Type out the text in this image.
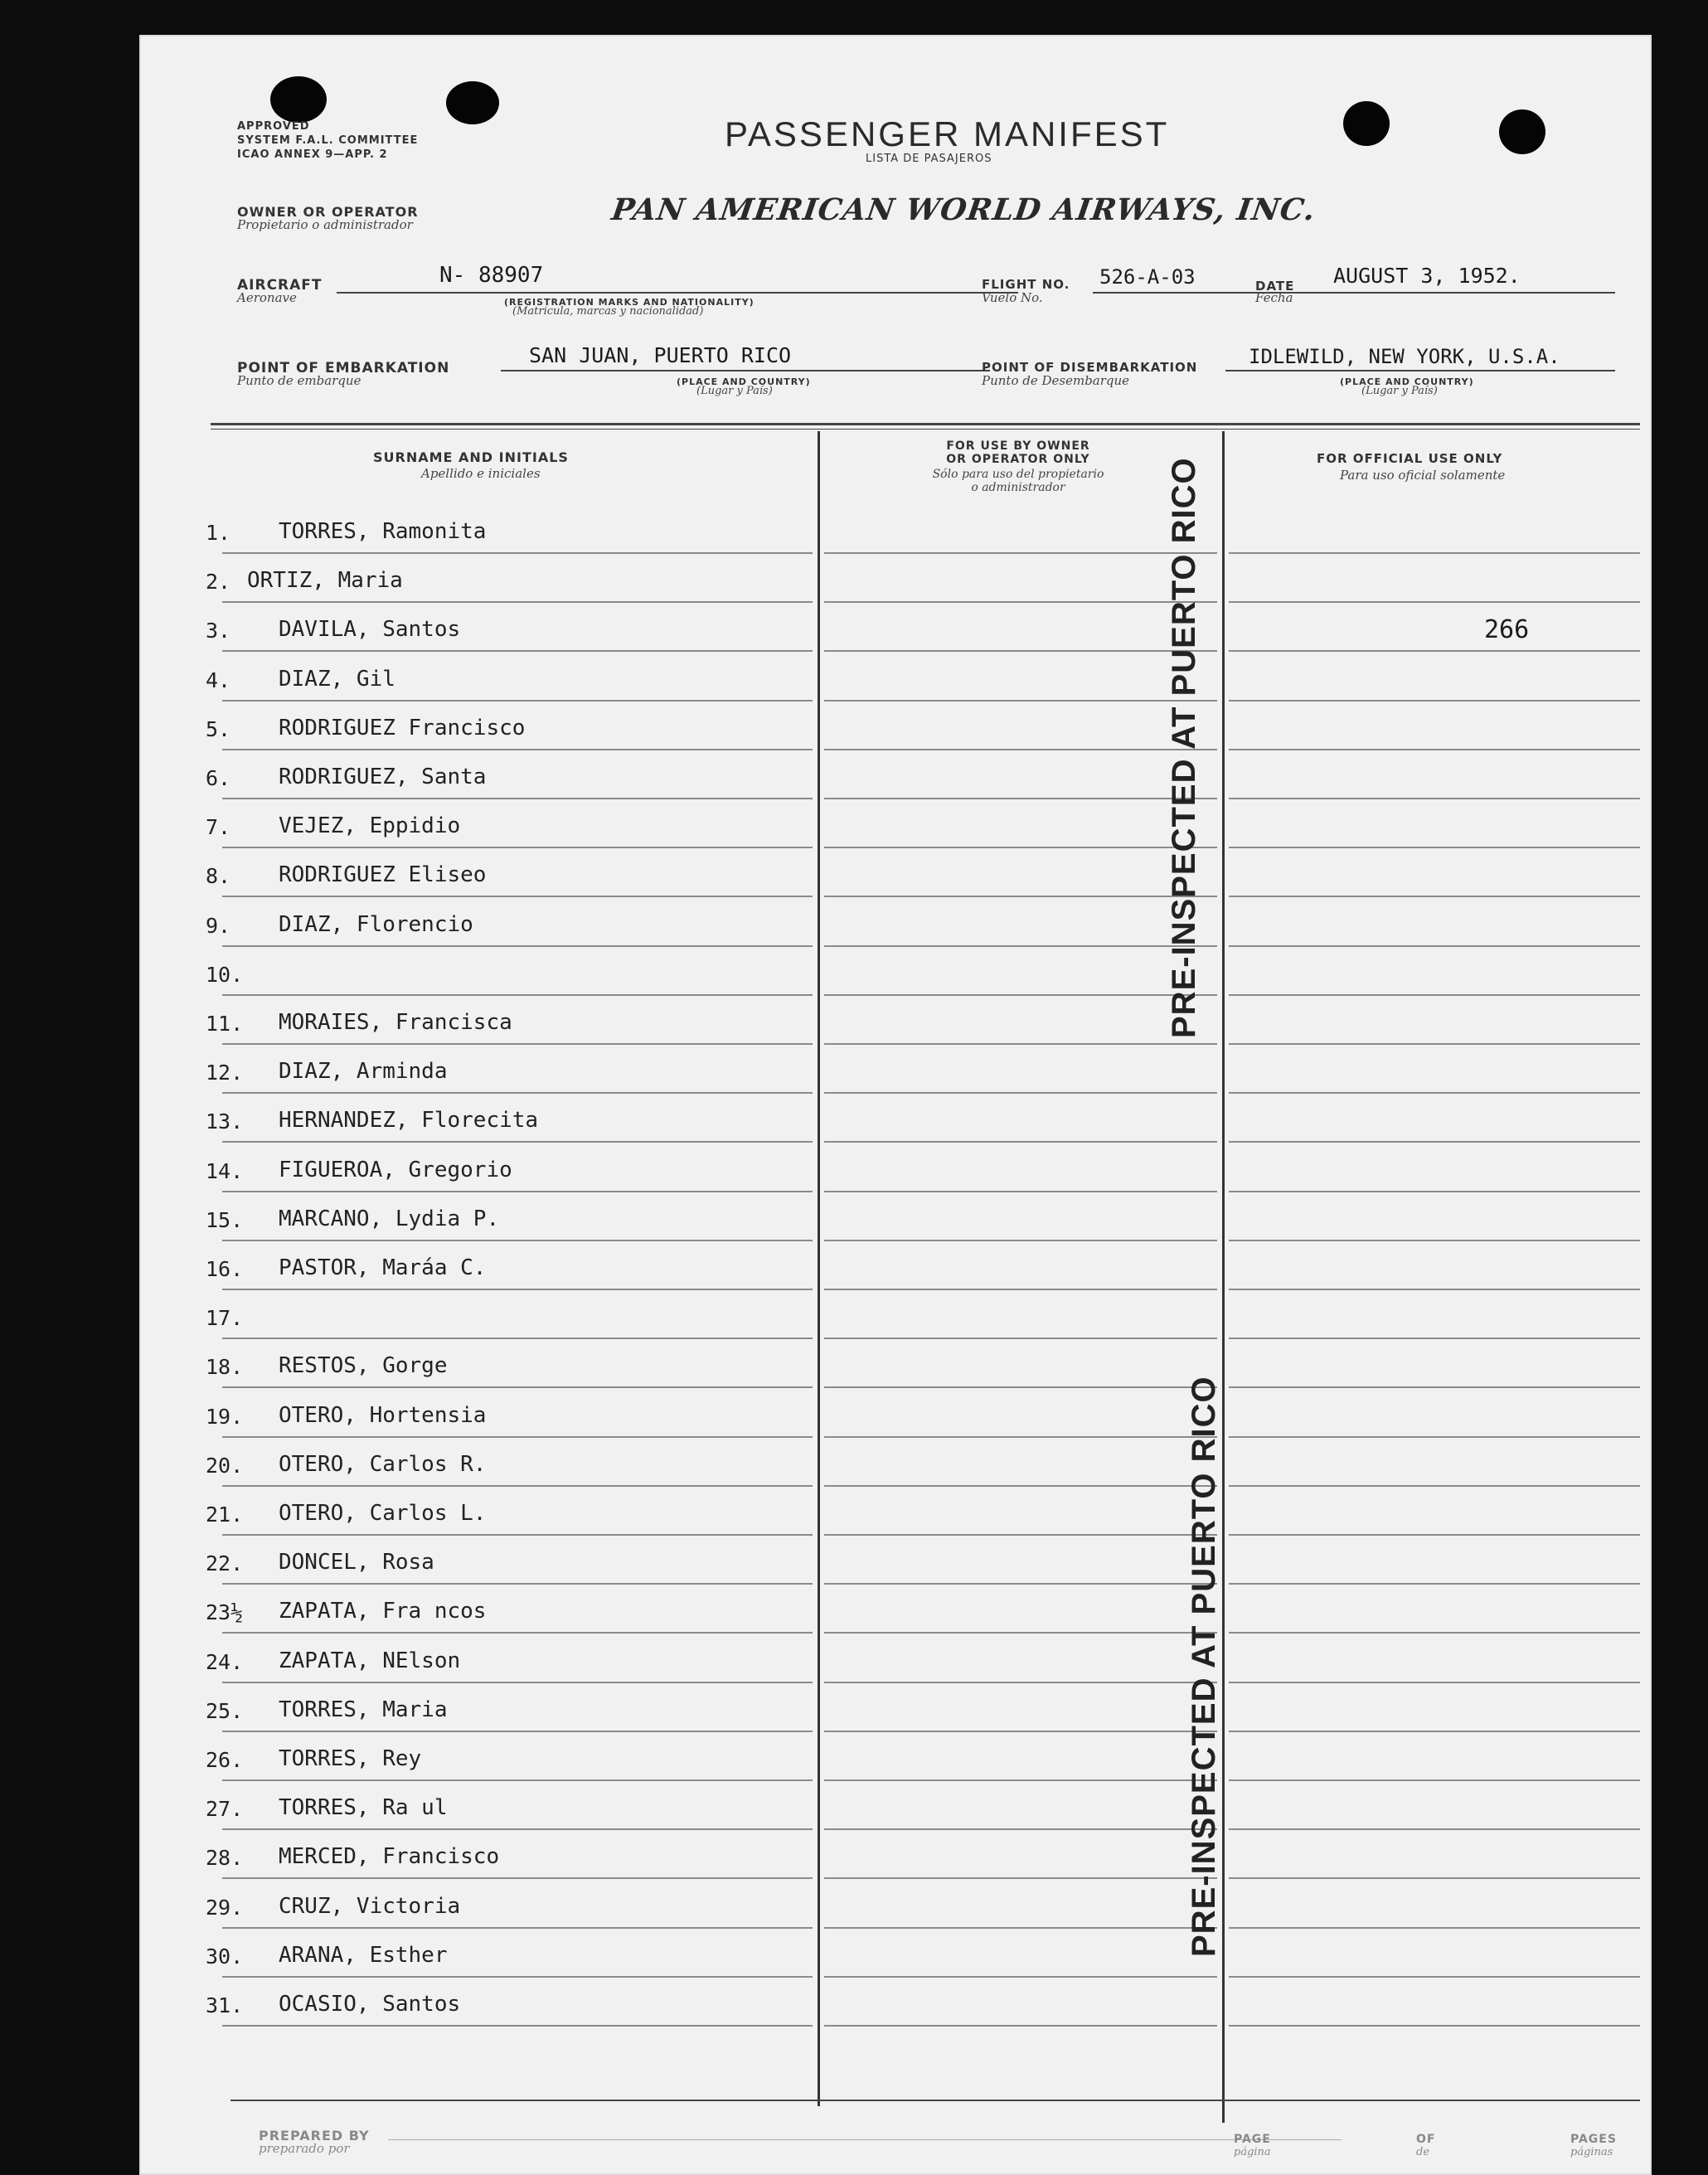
APPROVED
SYSTEM F.A.L. COMMITTEE
ICAO ANNEX 9—APP. 2
PASSENGER MANIFEST
LISTA DE PASAJEROS
OWNER OR OPERATOR
Propietario o administrador	PAN AMERICAN WORLD AIRWAYS, INC.
AIRCRAFT
Aeronave
N- 88907
(REGISTRATION MARKS AND NATIONALITY)
(Matricula, marcas y nacionalidad)
FLIGHT NO.
Vuelo No.
526-A-03	DATE
Fecha
AUGUST 3, 1952.
POINT OF EMBARKATION
Punto de embarque
SAN JUAN, PUERTO RICO
(PLACE AND COUNTRY)
(Lugar y País)
POINT OF DISEMBARKATION
Punto de Desembarque
IDLEWILD, NEW YORK, U.S.A.
(PLACE AND COUNTRY)
(Lugar y País)
SURNAME AND INITIALS
Apellido e iniciales
FOR USE BY OWNER
OR OPERATOR ONLY
Sólo para uso del propietario
o administrador
FOR OFFICIAL USE ONLY
Para uso oficial solamente
1. TORRES, Ramonita
2. ORTIZ, Maria
3. DAVILA, Santos
4. DIAZ, Gil
5. RODRIGUEZ Francisco
6. RODRIGUEZ, Santa
7. VEJEZ, Eppidio
8. RODRIGUEZ Eliseo
9. DIAZ, Florencio
10.
11. MORAIES, Francisca
12. DIAZ, Arminda
13. HERNANDEZ, Florecita
14. FIGUEROA, Gregorio
15. MARCANO, Lydia P.
16. PASTOR, Maráa C.
17.
18. RESTOS, Gorge
19. OTERO, Hortensia
20. OTERO, Carlos R.
21. OTERO, Carlos L.
22. DONCEL, Rosa
23½ ZAPATA, Fra ncos
24. ZAPATA, NElson
25. TORRES, Maria
26. TORRES, Rey
27. TORRES, Ra ul
28. MERCED, Francisco
29. CRUZ, Victoria
30. ARANA, Esther
31. OCASIO, Santos
266
PRE-INSPECTED AT PUERTO RICO
PRE-INSPECTED AT PUERTO RICO
PREPARED BY
preparado por
PAGE
página
OF
de
PAGES
páginas
